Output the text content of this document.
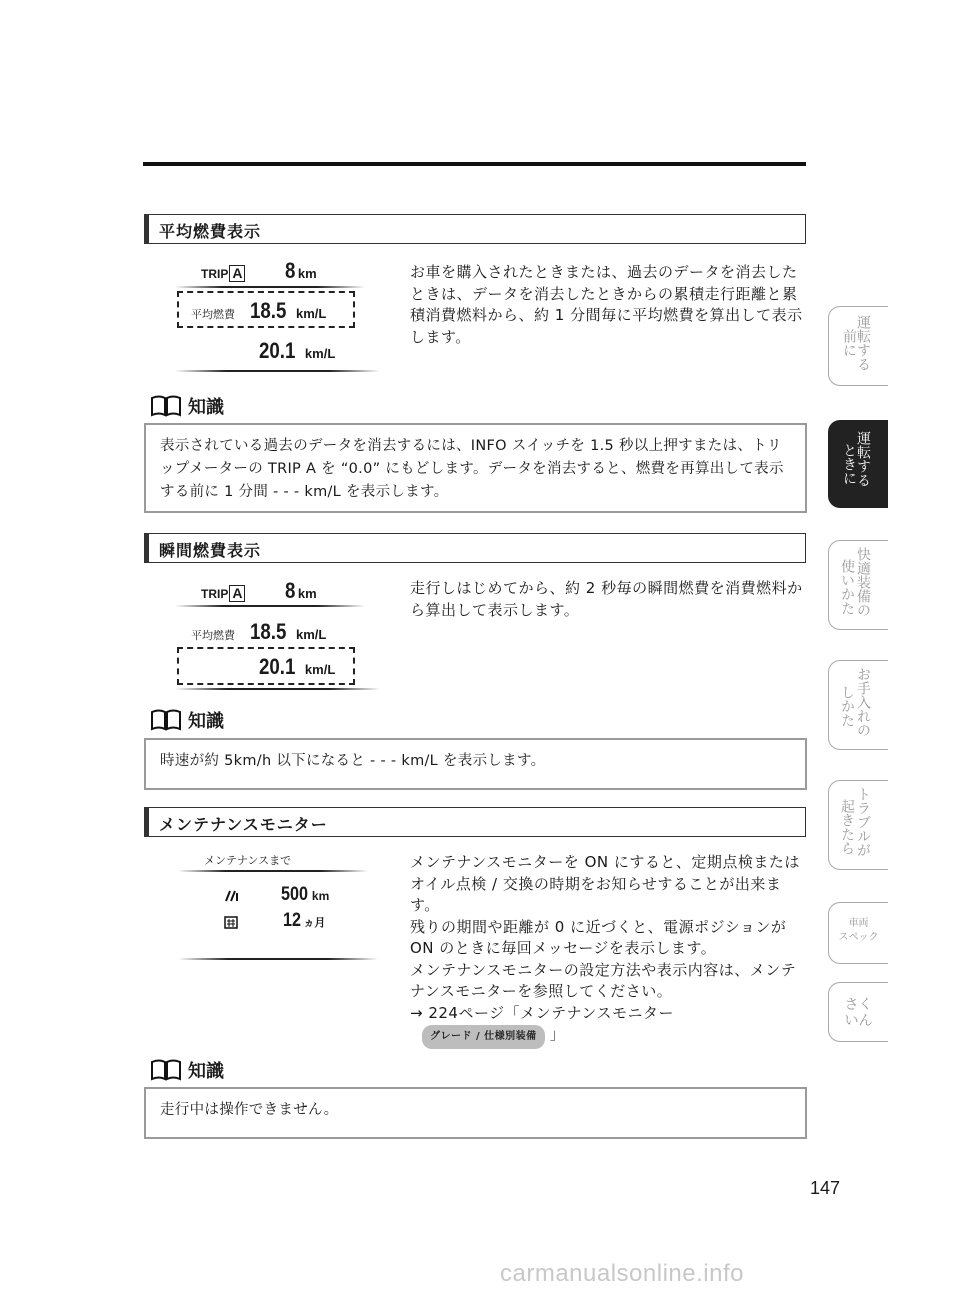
平均燃費表示
TRIP A 8 km
平均燃費 18.5 km/L
20.1 km/L
お車を購入されたときまたは、過去のデータを消去したときは、データを消去したときからの累積走行距離と累積消費燃料から、約 1 分間毎に平均燃費を算出して表示します。
知識
表示されている過去のデータを消去するには、INFO スイッチを 1.5 秒以上押すまたは、トリップメーターの TRIP A を “0.0” にもどします。データを消去すると、燃費を再算出して表示する前に 1 分間 - - - km/L を表示します。
瞬間燃費表示
TRIP A 8 km
平均燃費 18.5 km/L
20.1 km/L
走行しはじめてから、約 2 秒毎の瞬間燃費を消費燃料から算出して表示します。
知識
時速が約 5km/h 以下になると - - - km/L を表示します。
メンテナンスモニター
メンテナンスまで
500 km
12 ヵ月
メンテナンスモニターを ON にすると、定期点検またはオイル点検 / 交換の時期をお知らせすることが出来ます。
残りの期間や距離が 0 に近づくと、電源ポジションが ON のときに毎回メッセージを表示します。
メンテナンスモニターの設定方法や表示内容は、メンテナンスモニターを参照してください。
→ 224ページ「メンテナンスモニター
グレード / 仕様別装備 」
知識
走行中は操作できません。
運転す
前に
る
運転す
ときに
る
快適装備の
使いかた
お手入れの
しかた
トラブルが
起きたら
車両
スペック
さく
いん
147
carmanualsonline.info
